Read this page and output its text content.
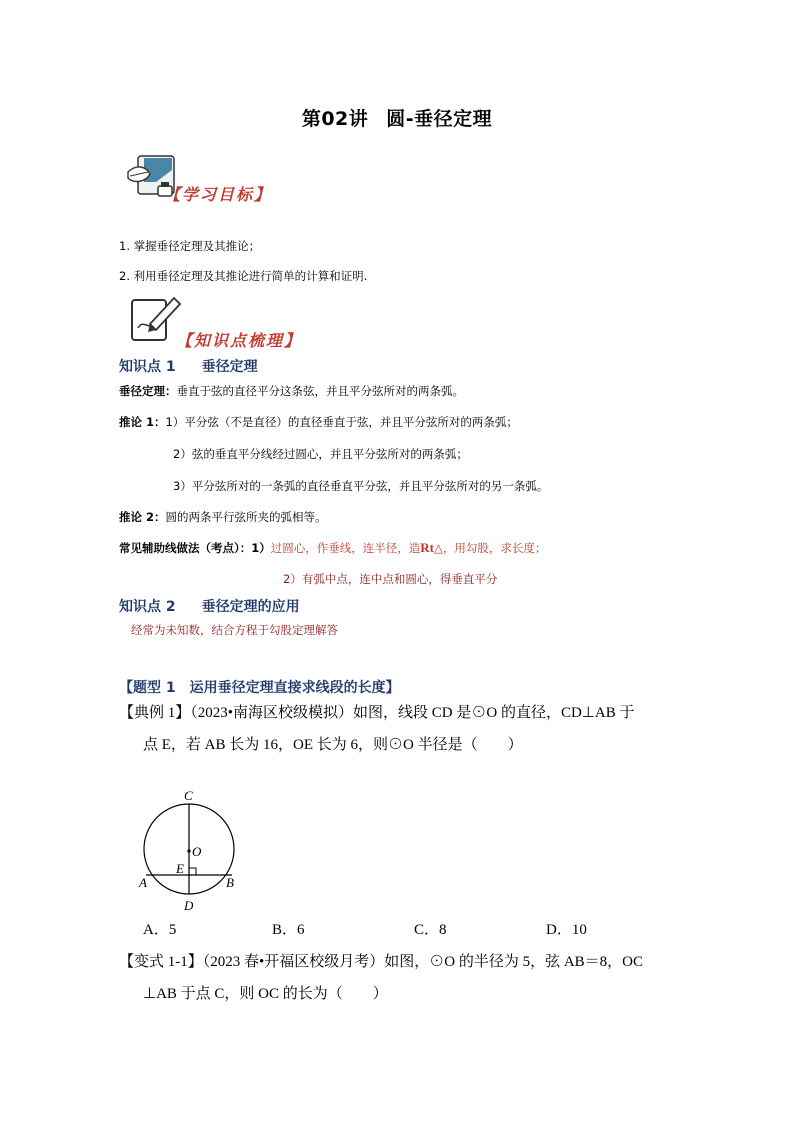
第02讲 圆-垂径定理
【学习目标】
1. 掌握垂径定理及其推论；
2. 利用垂径定理及其推论进行简单的计算和证明.
【知识点梳理】
知识点 1 垂径定理
垂径定理：垂直于弦的直径平分这条弦，并且平分弦所对的两条弧。
推论 1：1）平分弦（不是直径）的直径垂直于弦，并且平分弦所对的两条弧；
2）弦的垂直平分线经过圆心，并且平分弦所对的两条弧；
3）平分弦所对的一条弧的直径垂直平分弦，并且平分弦所对的另一条弧。
推论 2：圆的两条平行弦所夹的弧相等。
常见辅助线做法（考点）：1）过圆心，作垂线，连半径，造Rt△，用勾股，求长度；
2）有弧中点，连中点和圆心，得垂直平分
知识点 2 垂径定理的应用
经常为未知数，结合方程于勾股定理解答
【题型 1　运用垂径定理直接求线段的长度】
【典例 1】（2023•南海区校级模拟）如图，线段 CD 是⊙O 的直径，CD⊥AB 于
点 E，若 AB 长为 16，OE 长为 6，则⊙O 半径是（　　）
C
O
E
A	B
D
A．5	B．6	C．8	D．10
【变式 1-1】（2023 春•开福区校级月考）如图，⊙O 的半径为 5，弦 AB＝8，OC
⊥AB 于点 C，则 OC 的长为（　　）
